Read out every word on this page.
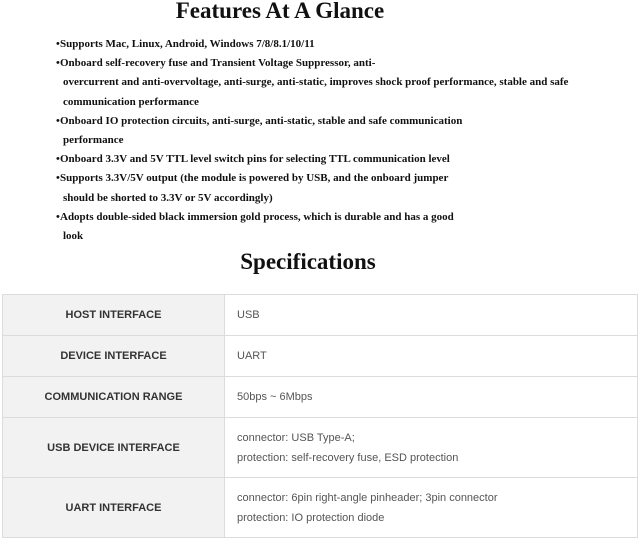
Features At A Glance
•Supports Mac, Linux, Android, Windows 7/8/8.1/10/11
•Onboard self-recovery fuse and Transient Voltage Suppressor, anti-
overcurrent and anti-overvoltage, anti-surge, anti-static, improves shock proof performance, stable and safe
communication performance
•Onboard IO protection circuits, anti-surge, anti-static, stable and safe communication
performance
•Onboard 3.3V and 5V TTL level switch pins for selecting TTL communication level
•Supports 3.3V/5V output (the module is powered by USB, and the onboard jumper
should be shorted to 3.3V or 5V accordingly)
•Adopts double-sided black immersion gold process, which is durable and has a good
look
Specifications
HOST INTERFACE	USB

DEVICE INTERFACE	UART

COMMUNICATION RANGE	50bps ~ 6Mbps

USB DEVICE INTERFACE	connector: USB Type-A;
protection: self-recovery fuse, ESD protection

UART INTERFACE	connector: 6pin right-angle pinheader; 3pin connector
protection: IO protection diode
